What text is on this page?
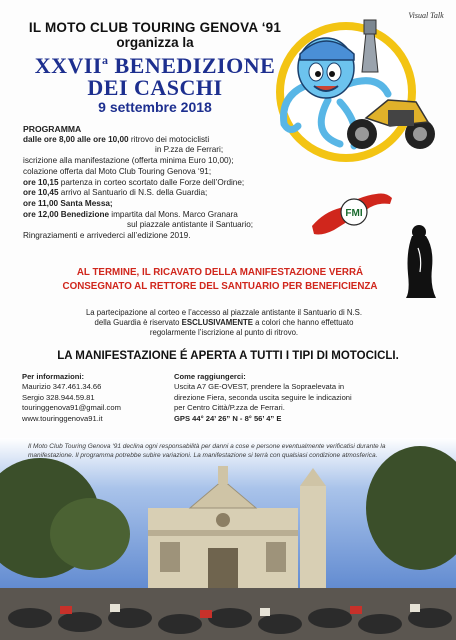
IL MOTO CLUB TOURING GENOVA ‘91
organizza la
XXVII$^a$ BENEDIZIONE
DEI CASCHI
9 settembre 2018
Visual Talk
PROGRAMMA
dalle ore 8,00 alle ore 10,00 ritrovo dei motociclisti
in P.zza de Ferrari;
iscrizione alla manifestazione (offerta minima Euro 10,00);
colazione offerta dal Moto Club Touring Genova ‘91;
ore 10,15 partenza in corteo scortato dalle Forze dell’Ordine;
ore 10,45 arrivo al Santuario di N.S. della Guardia;
ore 11,00 Santa Messa;
ore 12,00 Benedizione impartita dal Mons. Marco Granara
sul piazzale antistante il Santuario;
Ringraziamenti e arrivederci all’edizione 2019.
FMI
AL TERMINE, IL RICAVATO DELLA MANIFESTAZIONE VERRÁ
CONSEGNATO AL RETTORE DEL SANTUARIO PER BENEFICIENZA
La partecipazione al corteo e l’accesso al piazzale antistante il Santuario di N.S.
della Guardia è riservato ESCLUSIVAMENTE a colori che hanno effettuato
regolarmente l’iscrizione al punto di ritrovo.
LA MANIFESTAZIONE É APERTA A TUTTI I TIPI DI MOTOCICLI.
Per informazioni:
Maurizio 347.461.34.66
Sergio 328.944.59.81
touringgenova91@gmail.com
www.touringgenova91.it
Come raggiungerci:
Uscita A7 GE-OVEST, prendere la Sopraelevata in
direzione Fiera, seconda uscita seguire le indicazioni
per Centro Città/P.zza de Ferrari.
GPS 44° 24’ 26” N - 8° 56’ 4” E
Il Moto Club Touring Genova ‘91 declina ogni responsabilità per danni a cose e persone eventualmente verificatisi durante la manifestazione. Il programma potrebbe subire variazioni. La manifestazione si terrà con qualsiasi condizione atmosferica.
